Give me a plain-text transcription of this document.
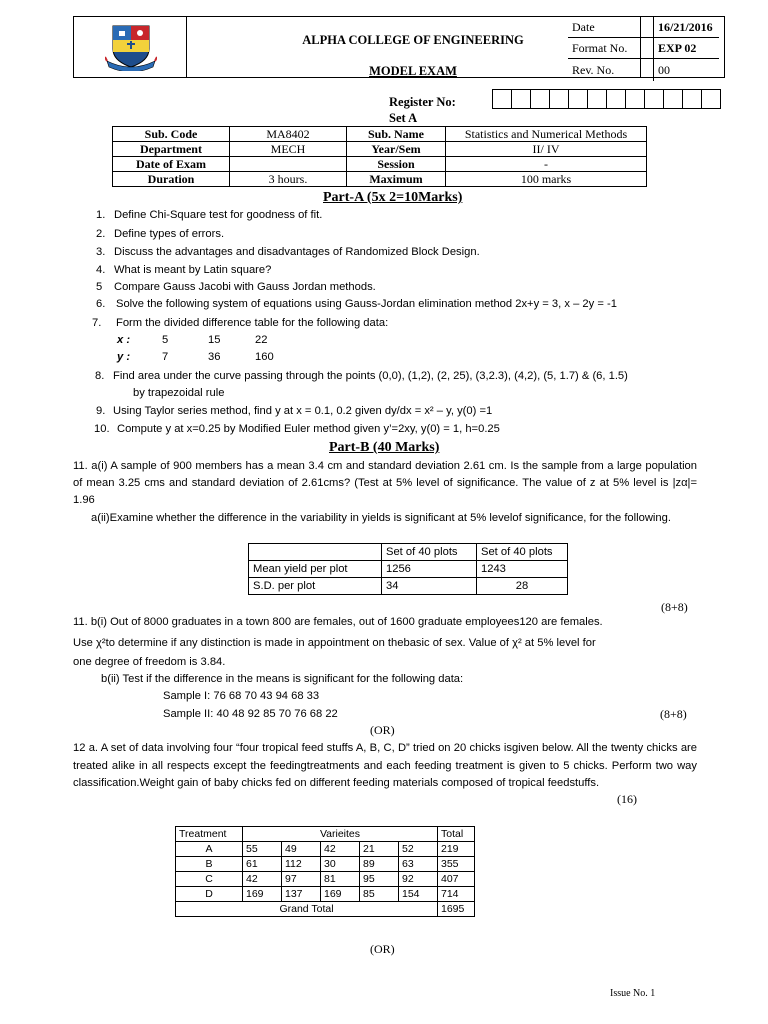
ALPHA COLLEGE OF ENGINEERING
MODEL EXAM
Date	16/21/2016
Format No.	EXP 02
Rev. No.	00
Register No:
Set A
Sub. Code	MA8402	Sub. Name	Statistics and Numerical Methods
Department	MECH	Year/Sem	II/ IV
Date of Exam		Session	-
Duration	3 hours.	Maximum	100 marks
Part-A (5x 2=10Marks)
1. Define Chi-Square test for goodness of fit.
2. Define types of errors.
3. Discuss the advantages and disadvantages of Randomized Block Design.
4. What is meant by Latin square?
5 Compare Gauss Jacobi with Gauss Jordan methods.
6. Solve the following system of equations using Gauss-Jordan elimination method 2x+y = 3, x – 2y = -1
7. Form the divided difference table for the following data:
x :	5	15	22
y :	7	36	160
8. Find area under the curve passing through the points (0,0), (1,2), (2, 25), (3,2.3), (4,2), (5, 1.7) & (6, 1.5)
by trapezoidal rule
9. Using Taylor series method, find y at x = 0.1, 0.2 given dy/dx = x² – y, y(0) =1
10. Compute y at x=0.25 by Modified Euler method given y’=2xy, y(0) = 1, h=0.25
Part-B (40 Marks)
11. a(i) A sample of 900 members has a mean 3.4 cm and standard deviation 2.61 cm. Is the sample from a large population of mean 3.25 cms and standard deviation of 2.61cms? (Test at 5% level of significance. The value of z at 5% level is |zα|= 1.96
a(ii)Examine whether the difference in the variability in yields is significant at 5% levelof significance, for the following.
	Set of 40 plots	Set of 40 plots
Mean yield per plot	1256	1243
S.D. per plot	34	28
(8+8)
11. b(i) Out of 8000 graduates in a town 800 are females, out of 1600 graduate employees120 are females.
Use χ²to determine if any distinction is made in appointment on thebasic of sex. Value of χ² at 5% level for
one degree of freedom is 3.84.
b(ii) Test if the difference in the means is significant for the following data:
Sample I: 76 68 70 43 94 68 33
Sample II: 40 48 92 85 70 76 68 22	(8+8)
(OR)
12 a. A set of data involving four “four tropical feed stuffs A, B, C, D” tried on 20 chicks isgiven below. All the twenty chicks are treated alike in all respects except the feedingtreatments and each feeding treatment is given to 5 chicks. Perform two way classification.Weight gain of baby chicks fed on different feeding materials composed of tropical feedstuffs.
(16)
Treatment	Varieites					Total
A	55	49	42	21	52	219
B	61	112	30	89	63	355
C	42	97	81	95	92	407
D	169	137	169	85	154	714
Grand Total						1695
(OR)
Issue No. 1
